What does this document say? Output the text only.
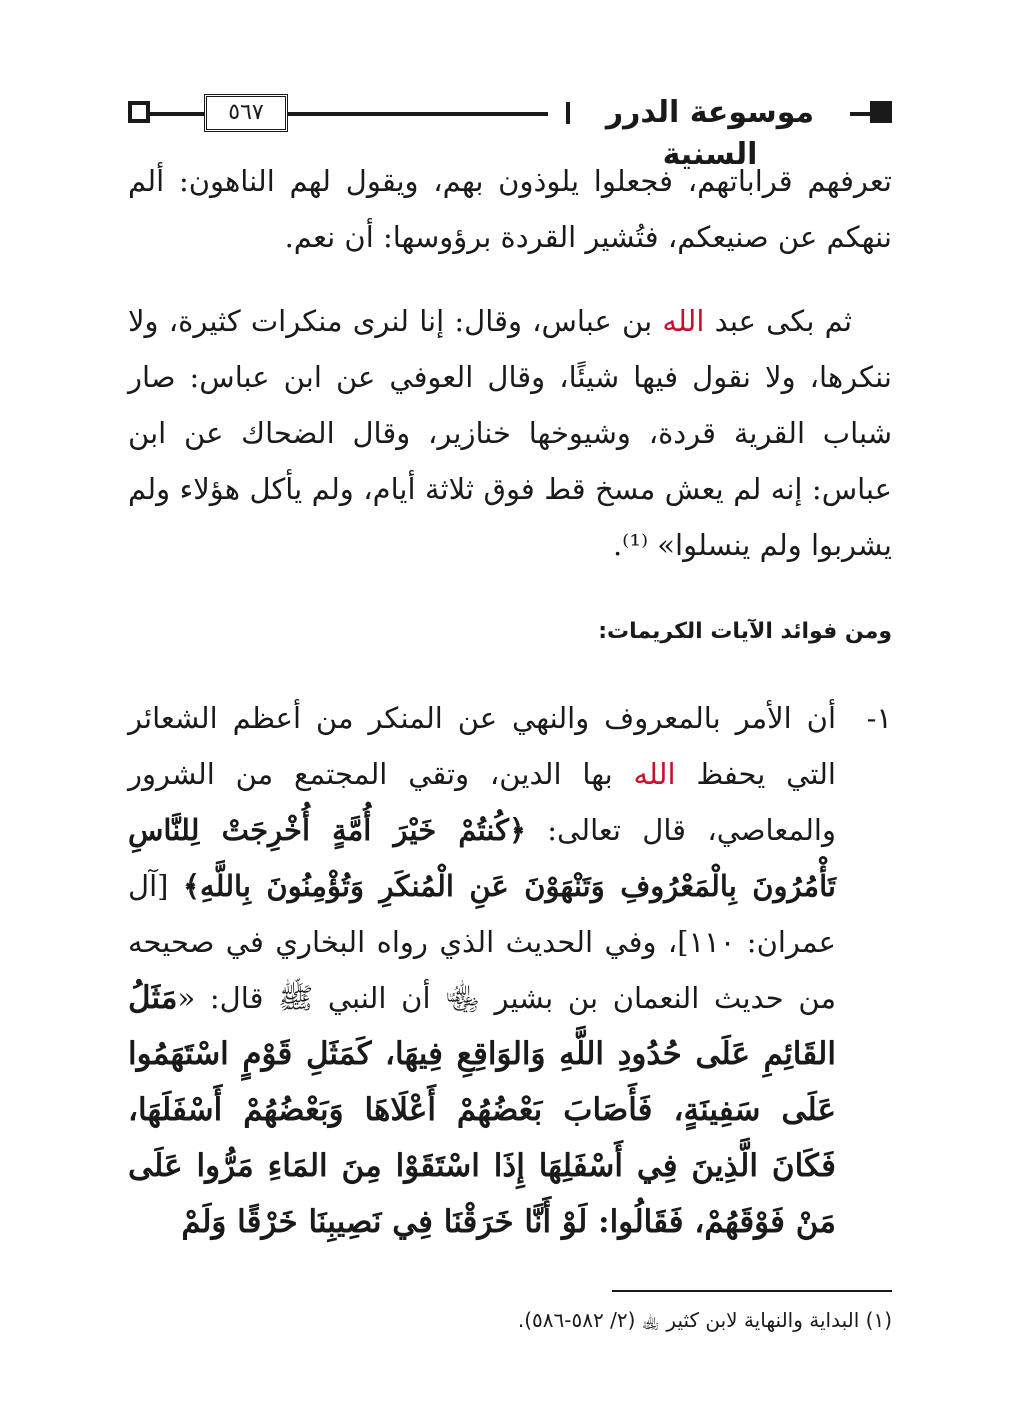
٥٦٧	موسوعة الدرر السنية
تعرفهم قراباتهم، فجعلوا يلوذون بهم، ويقول لهم الناهون: ألم ننهكم عن صنيعكم، فتُشير القردة برؤوسها: أن نعم.
ثم بكى عبد الله بن عباس، وقال: إنا لنرى منكرات كثيرة، ولا ننكرها، ولا نقول فيها شيئًا، وقال العوفي عن ابن عباس: صار شباب القرية قردة، وشيوخها خنازير، وقال الضحاك عن ابن عباس: إنه لم يعش مسخ قط فوق ثلاثة أيام، ولم يأكل هؤلاء ولم يشربوا ولم ينسلوا» ⁽¹⁾.
ومن فوائد الآيات الكريمات:
١-
أن الأمر بالمعروف والنهي عن المنكر من أعظم الشعائر التي يحفظ الله بها الدين، وتقي المجتمع من الشرور والمعاصي، قال تعالى: ﴿كُنتُمْ خَيْرَ أُمَّةٍ أُخْرِجَتْ لِلنَّاسِ تَأْمُرُونَ بِالْمَعْرُوفِ وَتَنْهَوْنَ عَنِ الْمُنكَرِ وَتُؤْمِنُونَ بِاللَّهِ﴾ [آل عمران: ١١٠]، وفي الحديث الذي رواه البخاري في صحيحه من حديث النعمان بن بشير ﵄ أن النبي ﷺ قال: «مَثَلُ القَائِمِ عَلَى حُدُودِ اللَّهِ وَالوَاقِعِ فِيهَا، كَمَثَلِ قَوْمٍ اسْتَهَمُوا عَلَى سَفِينَةٍ، فَأَصَابَ بَعْضُهُمْ أَعْلَاهَا وَبَعْضُهُمْ أَسْفَلَهَا، فَكَانَ الَّذِينَ فِي أَسْفَلِهَا إِذَا اسْتَقَوْا مِنَ المَاءِ مَرُّوا عَلَى مَنْ فَوْقَهُمْ، فَقَالُوا: لَوْ أَنَّا خَرَقْنَا فِي نَصِيبِنَا خَرْقًا وَلَمْ
(١) البداية والنهاية لابن كثير ﵀ (٢/ ٥٨٢-٥٨٦).
